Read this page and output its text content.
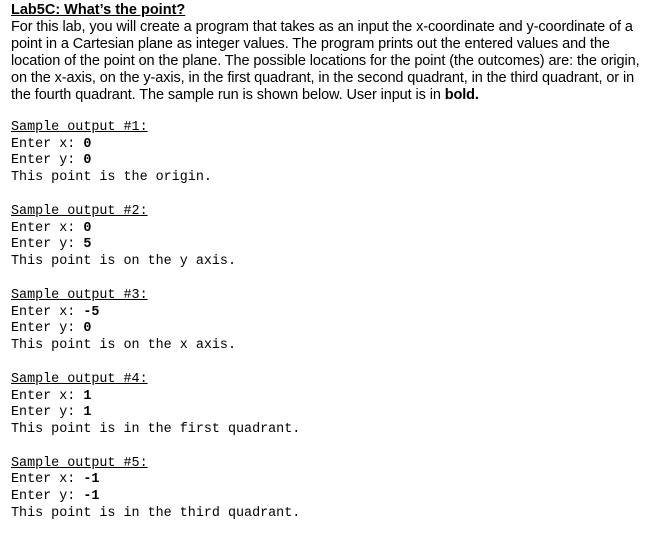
Lab5C: What’s the point?

For this lab, you will create a program that takes as an input the x-coordinate and y-coordinate of a point in a Cartesian plane as integer values. The program prints out the entered values and the location of the point on the plane. The possible locations for the point (the outcomes) are: the origin, on the x-axis, on the y-axis, in the first quadrant, in the second quadrant, in the third quadrant, or in the fourth quadrant. The sample run is shown below. User input is in bold.

Sample output #1:
Enter x: 0
Enter y: 0
This point is the origin.
Sample output #2:
Enter x: 0
Enter y: 5
This point is on the y axis.
Sample output #3:
Enter x: -5
Enter y: 0
This point is on the x axis.
Sample output #4:
Enter x: 1
Enter y: 1
This point is in the first quadrant.
Sample output #5:
Enter x: -1
Enter y: -1
This point is in the third quadrant.
